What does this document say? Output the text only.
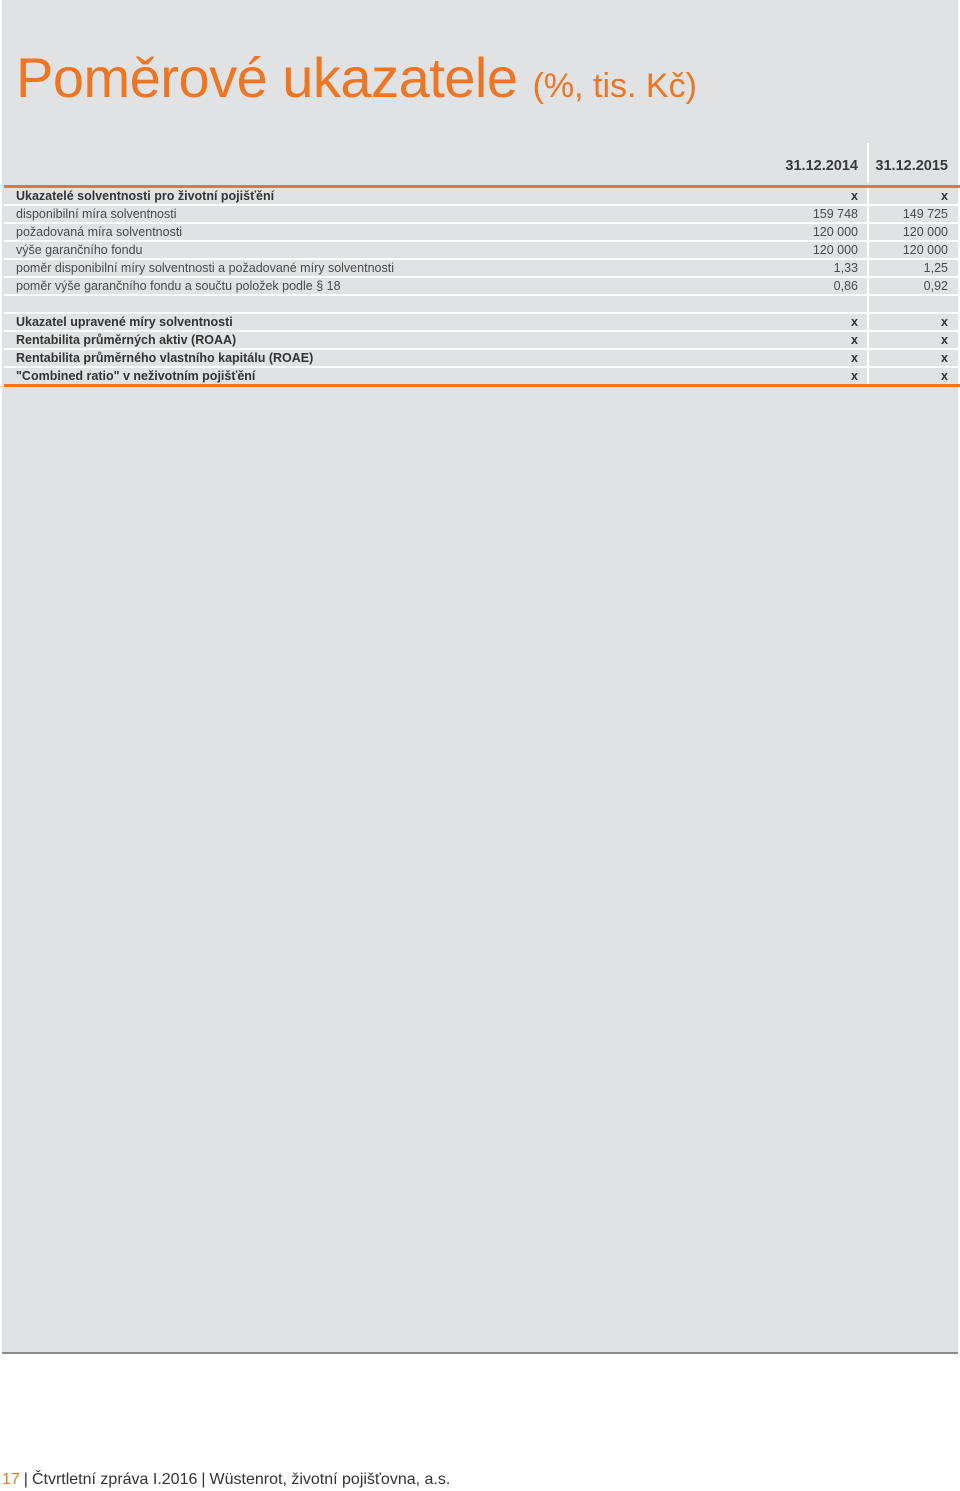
Poměrové ukazatele (%, tis. Kč)
31.12.2014	31.12.2015
Ukazatelé solventnosti pro životní pojišťění	x	x
disponibilní míra solventnosti	159 748	149 725
požadovaná míra solventnosti	120 000	120 000
výše garančního fondu	120 000	120 000
poměr disponibilní míry solventnosti a požadované míry solventnosti	1,33	1,25
poměr výše garančního fondu a součtu položek podle § 18	0,86	0,92
Ukazatel upravené míry solventnosti	x	x
Rentabilita průměrných aktiv (ROAA)	x	x
Rentabilita průměrného vlastního kapitálu (ROAE)	x	x
"Combined ratio" v neživotním pojišťění	x	x
17 | Čtvrtletní zpráva I.2016 | Wüstenrot, životní pojišťovna, a.s.
